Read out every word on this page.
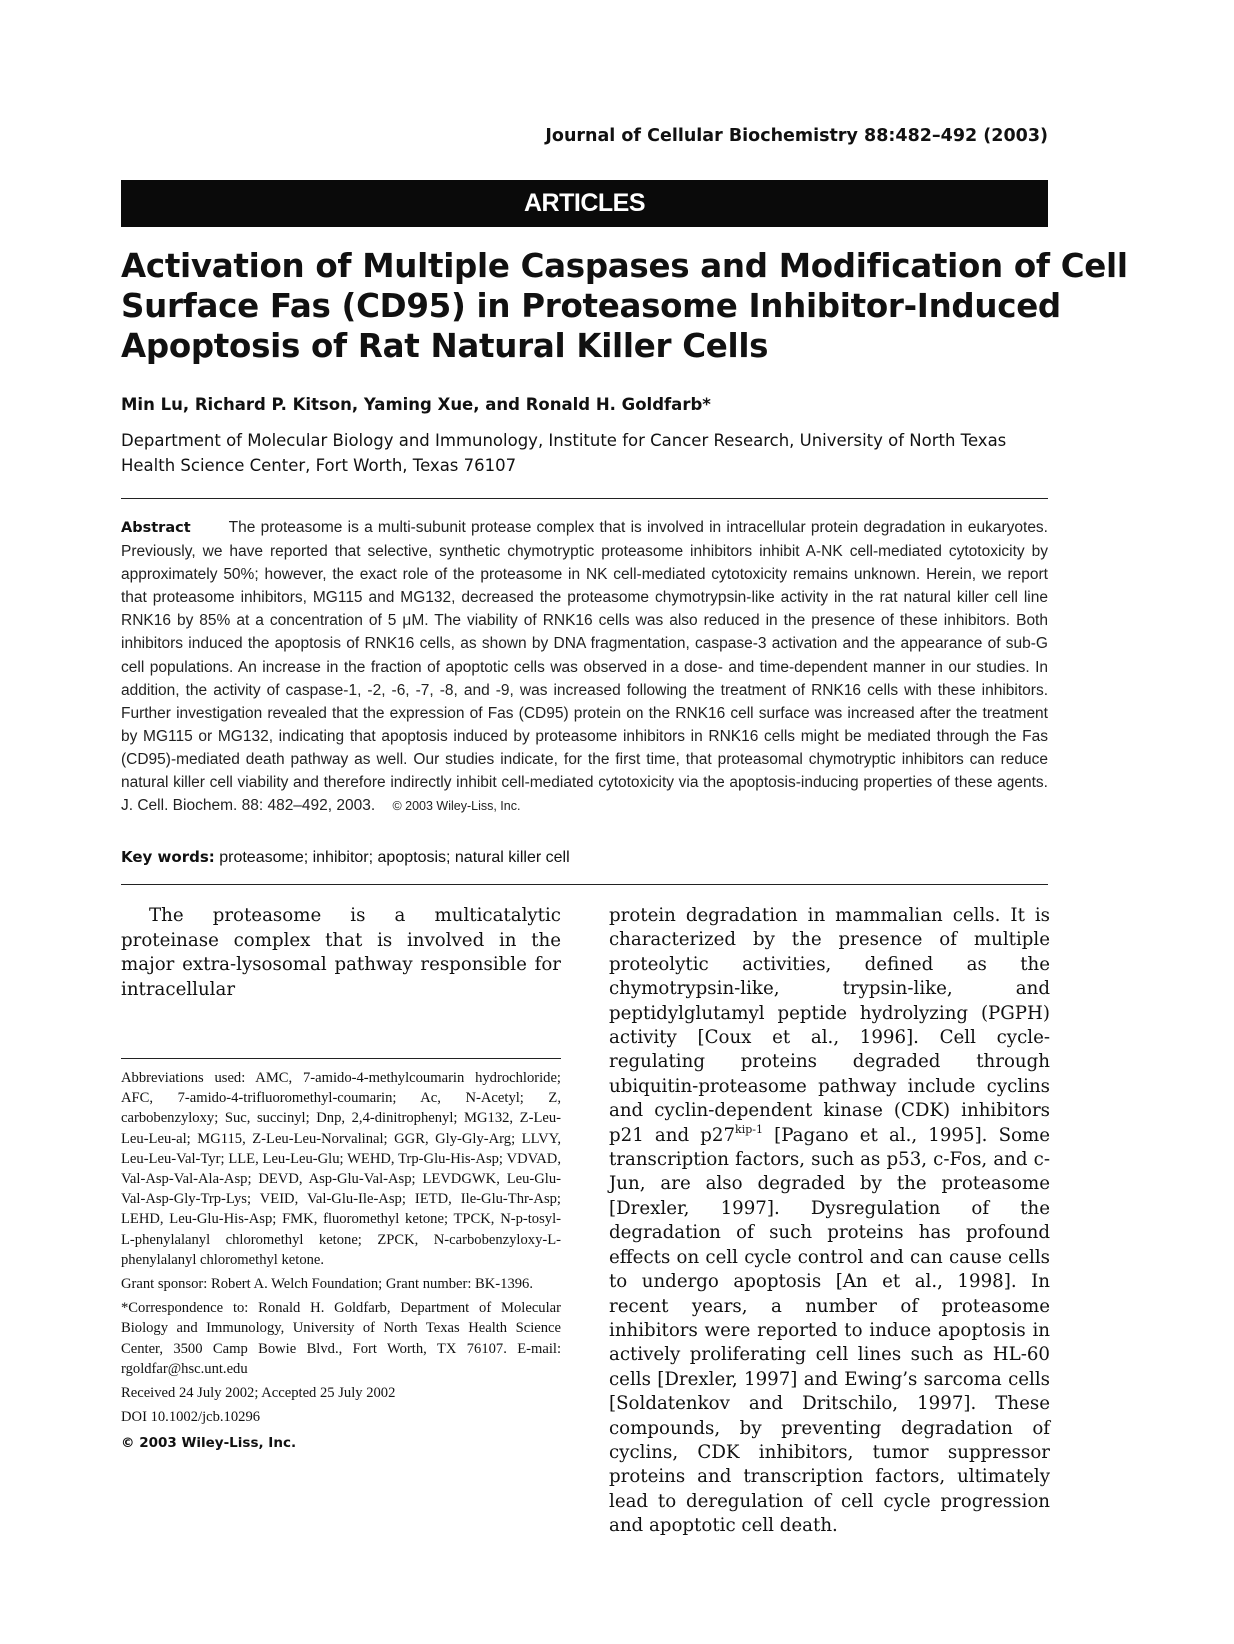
Journal of Cellular Biochemistry 88:482–492 (2003)
ARTICLES
Activation of Multiple Caspases and Modification of Cell
Surface Fas (CD95) in Proteasome Inhibitor-Induced
Apoptosis of Rat Natural Killer Cells
Min Lu, Richard P. Kitson, Yaming Xue, and Ronald H. Goldfarb*
Department of Molecular Biology and Immunology, Institute for Cancer Research, University of North Texas
Health Science Center, Fort Worth, Texas 76107
Abstract The proteasome is a multi-subunit protease complex that is involved in intracellular protein degradation in eukaryotes. Previously, we have reported that selective, synthetic chymotryptic proteasome inhibitors inhibit A-NK cell-mediated cytotoxicity by approximately 50%; however, the exact role of the proteasome in NK cell-mediated cytotoxicity remains unknown. Herein, we report that proteasome inhibitors, MG115 and MG132, decreased the proteasome chymotrypsin-like activity in the rat natural killer cell line RNK16 by 85% at a concentration of 5 μM. The viability of RNK16 cells was also reduced in the presence of these inhibitors. Both inhibitors induced the apoptosis of RNK16 cells, as shown by DNA fragmentation, caspase-3 activation and the appearance of sub-G cell populations. An increase in the fraction of apoptotic cells was observed in a dose- and time-dependent manner in our studies. In addition, the activity of caspase-1, -2, -6, -7, -8, and -9, was increased following the treatment of RNK16 cells with these inhibitors. Further investigation revealed that the expression of Fas (CD95) protein on the RNK16 cell surface was increased after the treatment by MG115 or MG132, indicating that apoptosis induced by proteasome inhibitors in RNK16 cells might be mediated through the Fas (CD95)-mediated death pathway as well. Our studies indicate, for the first time, that proteasomal chymotryptic inhibitors can reduce natural killer cell viability and therefore indirectly inhibit cell-mediated cytotoxicity via the apoptosis-inducing properties of these agents. J. Cell. Biochem. 88: 482–492, 2003. © 2003 Wiley-Liss, Inc.
Key words: proteasome; inhibitor; apoptosis; natural killer cell
The proteasome is a multicatalytic proteinase complex that is involved in the major extra-lysosomal pathway responsible for intracellular

Abbreviations used: AMC, 7-amido-4-methylcoumarin hydrochloride; AFC, 7-amido-4-trifluoromethyl-coumarin; Ac, N-Acetyl; Z, carbobenzyloxy; Suc, succinyl; Dnp, 2,4-dinitrophenyl; MG132, Z-Leu-Leu-Leu-al; MG115, Z-Leu-Leu-Norvalinal; GGR, Gly-Gly-Arg; LLVY, Leu-Leu-Val-Tyr; LLE, Leu-Leu-Glu; WEHD, Trp-Glu-His-Asp; VDVAD, Val-Asp-Val-Ala-Asp; DEVD, Asp-Glu-Val-Asp; LEVDGWK, Leu-Glu-Val-Asp-Gly-Trp-Lys; VEID, Val-Glu-Ile-Asp; IETD, Ile-Glu-Thr-Asp; LEHD, Leu-Glu-His-Asp; FMK, fluoromethyl ketone; TPCK, N-p-tosyl-L-phenylalanyl chloromethyl ketone; ZPCK, N-carbobenzyloxy-L-phenylalanyl chloromethyl ketone.

Grant sponsor: Robert A. Welch Foundation; Grant number: BK-1396.

*Correspondence to: Ronald H. Goldfarb, Department of Molecular Biology and Immunology, University of North Texas Health Science Center, 3500 Camp Bowie Blvd., Fort Worth, TX 76107. E-mail: rgoldfar@hsc.unt.edu

Received 24 July 2002; Accepted 25 July 2002

DOI 10.1002/jcb.10296

© 2003 Wiley-Liss, Inc.

protein degradation in mammalian cells. It is characterized by the presence of multiple proteolytic activities, defined as the chymotrypsin-like, trypsin-like, and peptidylglutamyl peptide hydrolyzing (PGPH) activity [Coux et al., 1996]. Cell cycle-regulating proteins degraded through ubiquitin-proteasome pathway include cyclins and cyclin-dependent kinase (CDK) inhibitors p21 and $p27^{kip-1}$ [Pagano et al., 1995]. Some transcription factors, such as p53, c-Fos, and c-Jun, are also degraded by the proteasome [Drexler, 1997]. Dysregulation of the degradation of such proteins has profound effects on cell cycle control and can cause cells to undergo apoptosis [An et al., 1998]. In recent years, a number of proteasome inhibitors were reported to induce apoptosis in actively proliferating cell lines such as HL-60 cells [Drexler, 1997] and Ewing’s sarcoma cells [Soldatenkov and Dritschilo, 1997]. These compounds, by preventing degradation of cyclins, CDK inhibitors, tumor suppressor proteins and transcription factors, ultimately lead to deregulation of cell cycle progression and apoptotic cell death.
